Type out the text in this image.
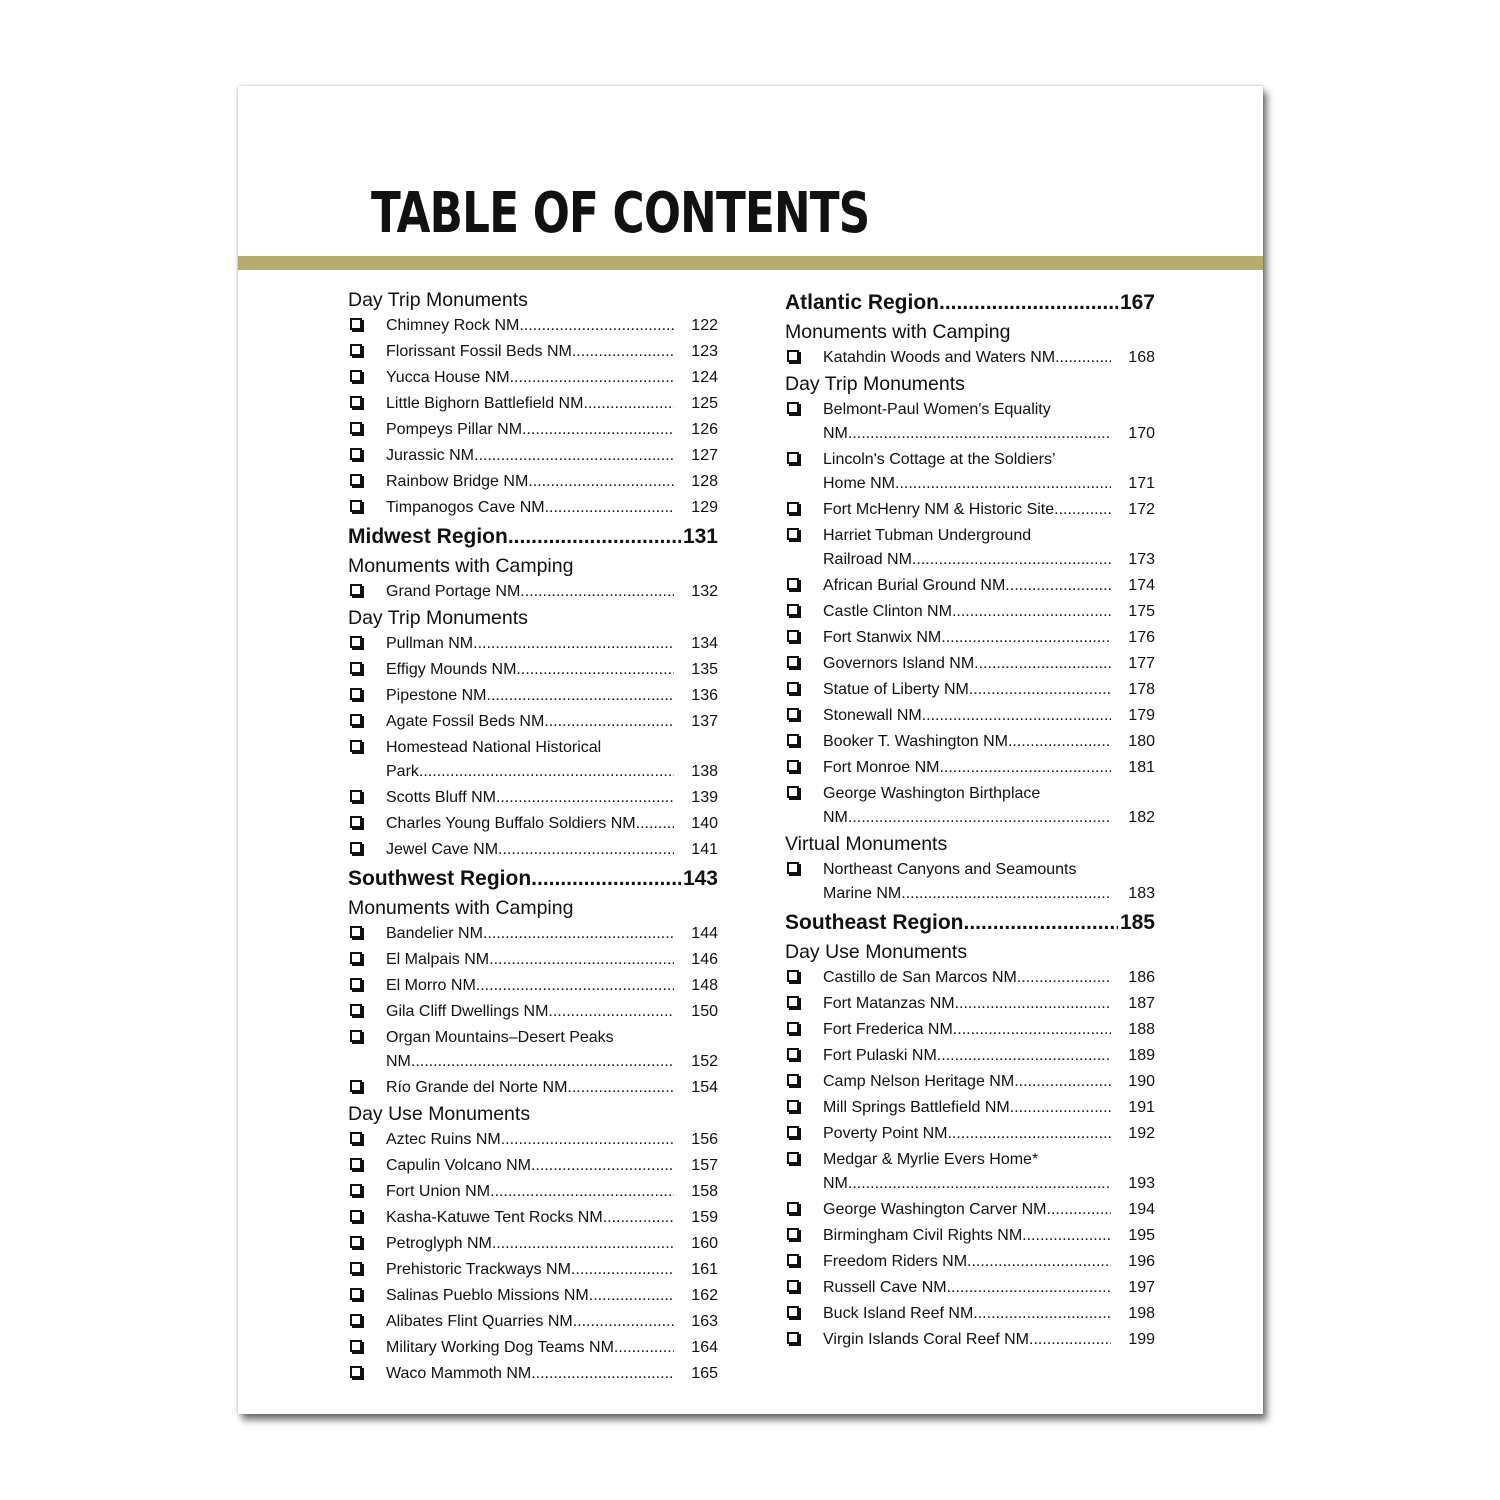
TABLE OF CONTENTS
Day Trip Monuments
Chimney Rock NM .....	122
Florissant Fossil Beds NM .....	123
Yucca House NM .....	124
Little Bighorn Battlefield NM .....	125
Pompeys Pillar NM .....	126
Jurassic NM .....	127
Rainbow Bridge NM .....	128
Timpanogos Cave NM .....	129
Midwest Region .....	131
Monuments with Camping
Grand Portage NM .....	132
Day Trip Monuments
Pullman NM .....	134
Effigy Mounds NM .....	135
Pipestone NM .....	136
Agate Fossil Beds NM .....	137
Homestead National Historical
Park .....	138
Scotts Bluff NM .....	139
Charles Young Buffalo Soldiers NM .....	140
Jewel Cave NM .....	141
Southwest Region .....	143
Monuments with Camping
Bandelier NM .....	144
El Malpais NM .....	146
El Morro NM .....	148
Gila Cliff Dwellings NM .....	150
Organ Mountains–Desert Peaks
NM .....	152
Río Grande del Norte NM .....	154
Day Use Monuments
Aztec Ruins NM .....	156
Capulin Volcano NM .....	157
Fort Union NM .....	158
Kasha-Katuwe Tent Rocks NM .....	159
Petroglyph NM .....	160
Prehistoric Trackways NM .....	161
Salinas Pueblo Missions NM .....	162
Alibates Flint Quarries NM .....	163
Military Working Dog Teams NM .....	164
Waco Mammoth NM .....	165
Atlantic Region .....	167
Monuments with Camping
Katahdin Woods and Waters NM .....	168
Day Trip Monuments
Belmont-Paul Women's Equality
NM .....	170
Lincoln's Cottage at the Soldiers’
Home NM .....	171
Fort McHenry NM & Historic Site .....	172
Harriet Tubman Underground
Railroad NM .....	173
African Burial Ground NM .....	174
Castle Clinton NM .....	175
Fort Stanwix NM .....	176
Governors Island NM .....	177
Statue of Liberty NM .....	178
Stonewall NM .....	179
Booker T. Washington NM .....	180
Fort Monroe NM .....	181
George Washington Birthplace
NM .....	182
Virtual Monuments
Northeast Canyons and Seamounts
Marine NM .....	183
Southeast Region .....	185
Day Use Monuments
Castillo de San Marcos NM .....	186
Fort Matanzas NM .....	187
Fort Frederica NM .....	188
Fort Pulaski NM .....	189
Camp Nelson Heritage NM .....	190
Mill Springs Battlefield NM .....	191
Poverty Point NM .....	192
Medgar & Myrlie Evers Home*
NM .....	193
George Washington Carver NM .....	194
Birmingham Civil Rights NM .....	195
Freedom Riders NM .....	196
Russell Cave NM .....	197
Buck Island Reef NM .....	198
Virgin Islands Coral Reef NM .....	199
